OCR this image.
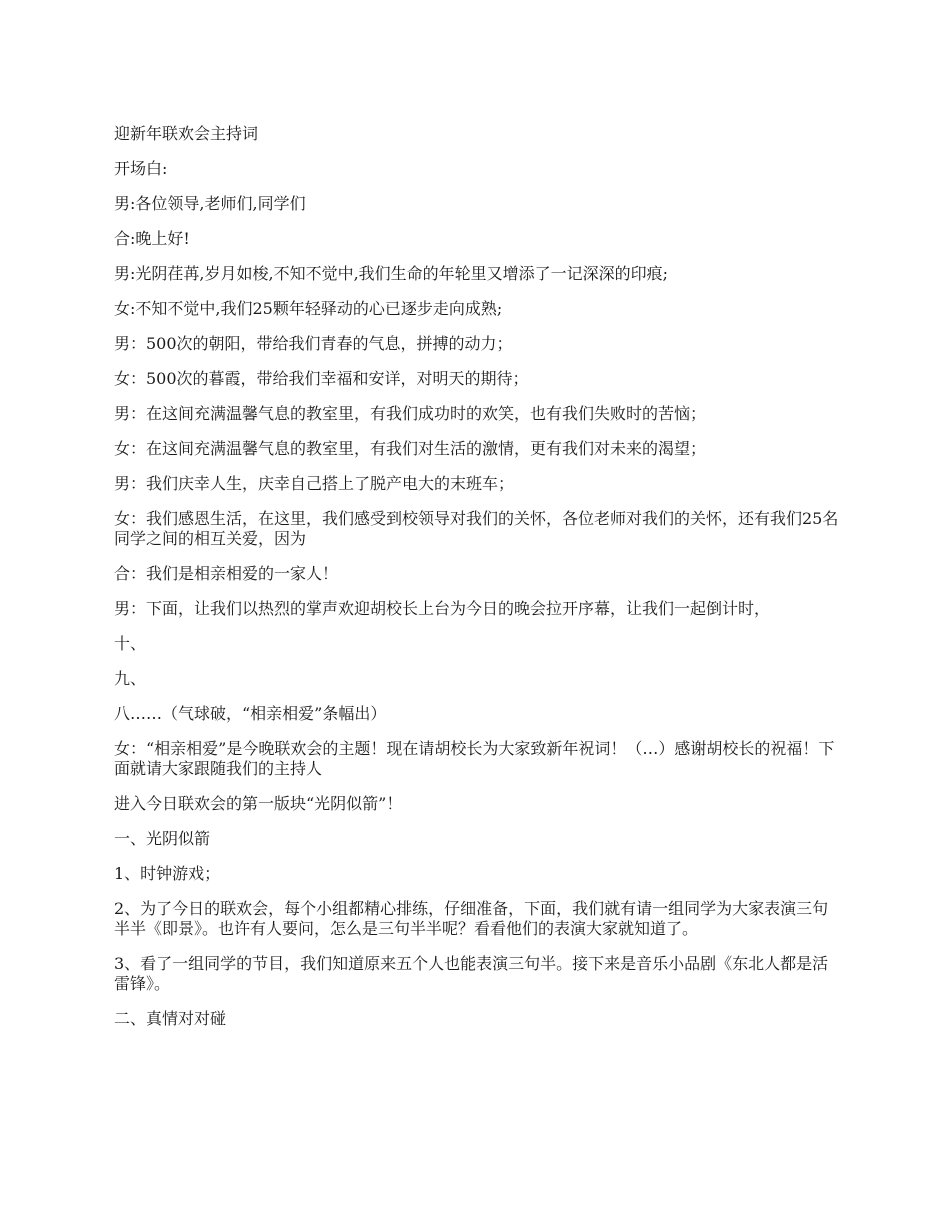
迎新年联欢会主持词

开场白:

男:各位领导,老师们,同学们

合:晚上好!

男:光阴荏苒,岁月如梭,不知不觉中,我们生命的年轮里又增添了一记深深的印痕;

女:不知不觉中,我们25颗年轻驿动的心已逐步走向成熟;

男：500次的朝阳，带给我们青春的气息，拼搏的动力；

女：500次的暮霞，带给我们幸福和安详，对明天的期待；

男：在这间充满温馨气息的教室里，有我们成功时的欢笑，也有我们失败时的苦恼；

女：在这间充满温馨气息的教室里，有我们对生活的激情，更有我们对未来的渴望；

男：我们庆幸人生，庆幸自己搭上了脱产电大的末班车；

女：我们感恩生活，在这里，我们感受到校领导对我们的关怀，各位老师对我们的关怀，还有我们25名同学之间的相互关爱，因为

合：我们是相亲相爱的一家人！

男：下面，让我们以热烈的掌声欢迎胡校长上台为今日的晚会拉开序幕，让我们一起倒计时，

十、

九、

八……（气球破，“相亲相爱”条幅出）

女：“相亲相爱”是今晚联欢会的主题！现在请胡校长为大家致新年祝词！（…）感谢胡校长的祝福！下面就请大家跟随我们的主持人

进入今日联欢会的第一版块“光阴似箭”！

一、光阴似箭

1、时钟游戏；

2、为了今日的联欢会，每个小组都精心排练，仔细准备，下面，我们就有请一组同学为大家表演三句半半《即景》。也许有人要问，怎么是三句半半呢？看看他们的表演大家就知道了。

3、看了一组同学的节目，我们知道原来五个人也能表演三句半。接下来是音乐小品剧《东北人都是活雷锋》。

二、真情对对碰
